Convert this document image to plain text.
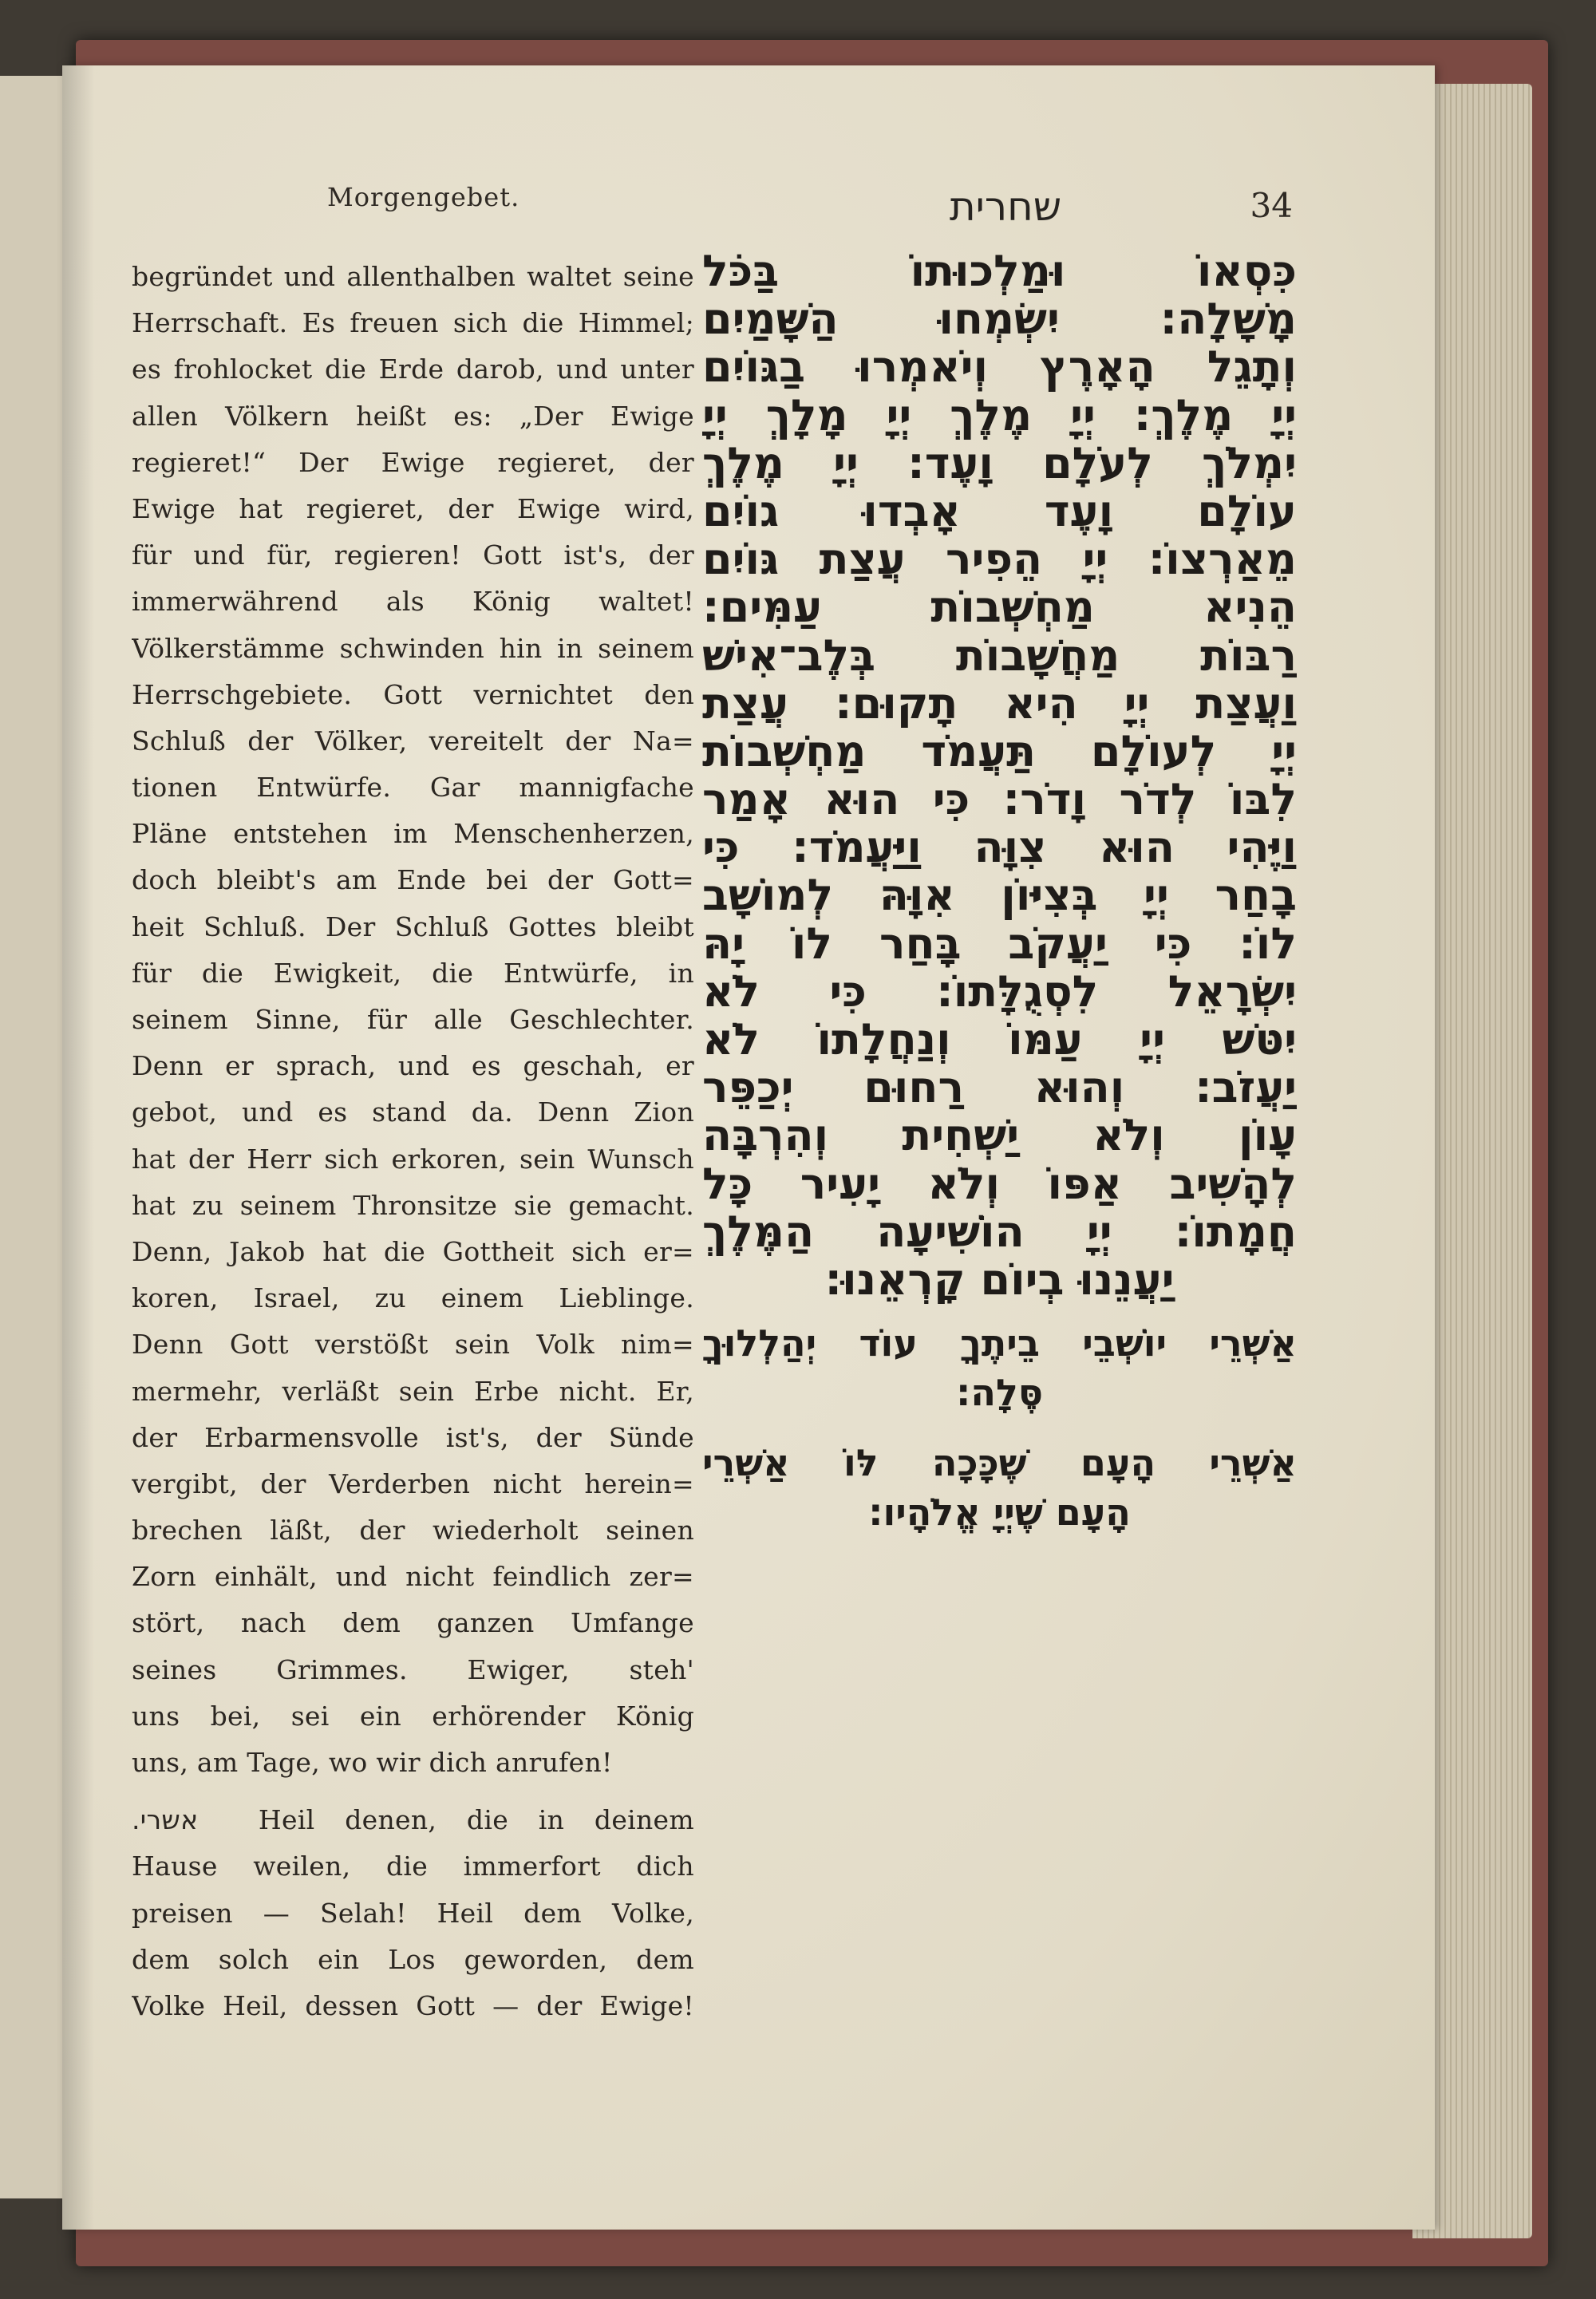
Morgengebet.	שחרית	34
begründet und allenthalben waltet seine
Herrschaft. Es freuen sich die Himmel;
es frohlocket die Erde darob, und unter
allen Völkern heißt es: „Der Ewige
regieret!“ Der Ewige regieret, der
Ewige hat regieret, der Ewige wird,
für und für, regieren! Gott ist's, der
immerwährend als König waltet!
Völkerstämme schwinden hin in seinem
Herrschgebiete. Gott vernichtet den
Schluß der Völker, vereitelt der Na=
tionen Entwürfe. Gar mannigfache
Pläne entstehen im Menschenherzen,
doch bleibt's am Ende bei der Gott=
heit Schluß. Der Schluß Gottes bleibt
für die Ewigkeit, die Entwürfe, in
seinem Sinne, für alle Geschlechter.
Denn er sprach, und es geschah, er
gebot, und es stand da. Denn Zion
hat der Herr sich erkoren, sein Wunsch
hat zu seinem Thronsitze sie gemacht.
Denn, Jakob hat die Gottheit sich er=
koren, Israel, zu einem Lieblinge.
Denn Gott verstößt sein Volk nim=
mermehr, verläßt sein Erbe nicht. Er,
der Erbarmensvolle ist's, der Sünde
vergibt, der Verderben nicht herein=
brechen läßt, der wiederholt seinen
Zorn einhält, und nicht feindlich zer=
stört, nach dem ganzen Umfange
seines Grimmes. Ewiger, steh'
uns bei, sei ein erhörender König
uns, am Tage, wo wir dich anrufen!
אשרי. Heil denen, die in deinem
Hause weilen, die immerfort dich
preisen — Selah! Heil dem Volke,
dem solch ein Los geworden, dem
Volke Heil, dessen Gott — der Ewige!
כִּסְאוֹ וּמַלְכוּתוֹ בַּכֹּל
מָשָׁלָה: יִשְׂמְחוּ הַשָּׁמַיִם
וְתָגֵל הָאָרֶץ וְיֹאמְרוּ בַגּוֹיִם
יְיָ מֶלֶךְ: יְיָ מֶלֶךְ יְיָ מָלָךְ יְיָ
יִמְלֹךְ לְעֹלָם וָעֶד: יְיָ מֶלֶךְ
עוֹלָם וָעֶד אָבְדוּ גוֹיִם
מֵאַרְצוֹ: יְיָ הֵפִיר עֲצַת גּוֹיִם
הֵנִיא מַחְשְׁבוֹת עַמִּים:
רַבּוֹת מַחֲשָׁבוֹת בְּלֶב־אִישׁ
וַעֲצַת יְיָ הִיא תָקוּם: עֲצַת
יְיָ לְעוֹלָם תַּעֲמֹד מַחְשְׁבוֹת
לִבּוֹ לְדֹר וָדֹר: כִּי הוּא אָמַר
וַיֶּהִי הוּא צִוָּה וַיַּעֲמֹד: כִּי
בָחַר יְיָ בְּצִיּוֹן אִוָּהּ לְמוֹשָׁב
לוֹ: כִּי יַעֲקֹב בָּחַר לוֹ יָהּ
יִשְׂרָאֵל לִסְגֻלָּתוֹ: כִּי לֹא
יִטּשׁ יְיָ עַמּוֹ וְנַחֲלָתוֹ לֹא
יַעֲזֹב: וְהוּא רַחוּם יְכַפֵּר
עָוֹן וְלֹא יַשְׁחִית וְהִרְבָּה
לְהָשִׁיב אַפּוֹ וְלֹא יָעִיר כָּל
חֲמָתוֹ: יְיָ הוֹשִׁיעָה הַמֶּלֶךְ
יַעֲנֵנוּ בְיוֹם קָרְאֵנוּ:
אַשְׁרֵי יוֹשְׁבֵי בֵיתֶךָ עוֹד יְהַלְלוּךָ
סֶּלָה:
אַשְׁרֵי הָעָם שֶׁכָּכָה לּוֹ אַשְׁרֵי
הָעָם שֶׁיְיָ אֱלֹהָיו:
